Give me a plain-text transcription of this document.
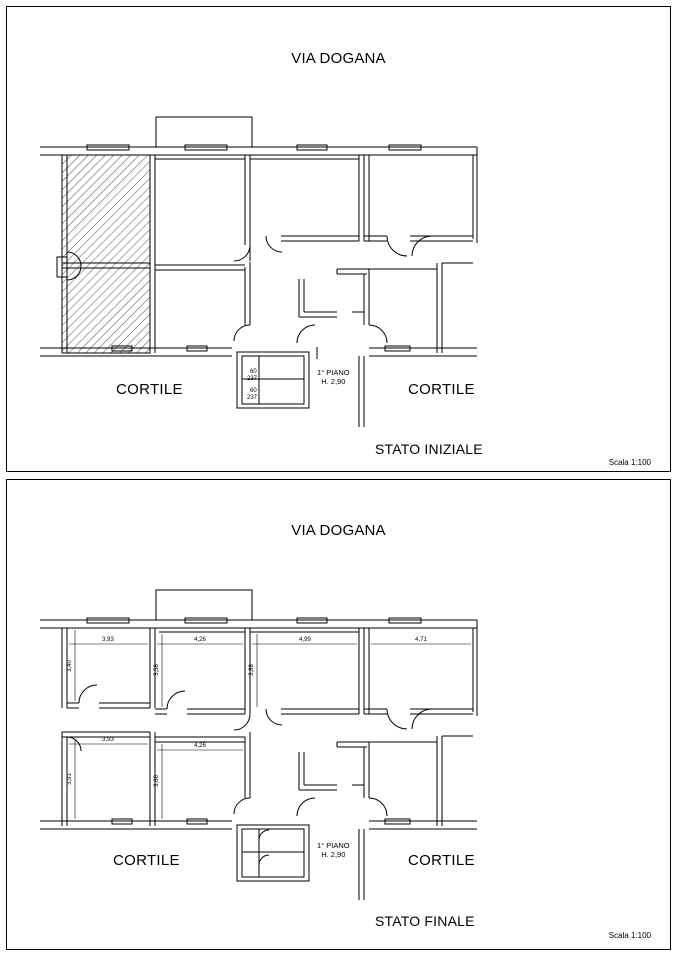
VIA DOGANA
60
237
60
237
1° PIANO
H. 2,90
CORTILE	CORTILE
STATO INIZIALE
Scala 1:100
VIA DOGANA
3,93	4,26	4,99	4,71
3,93
4,26
3,40	3,58	3,88
3,91	3,66
1° PIANO
H. 2,90
CORTILE	CORTILE
STATO FINALE
Scala 1:100
